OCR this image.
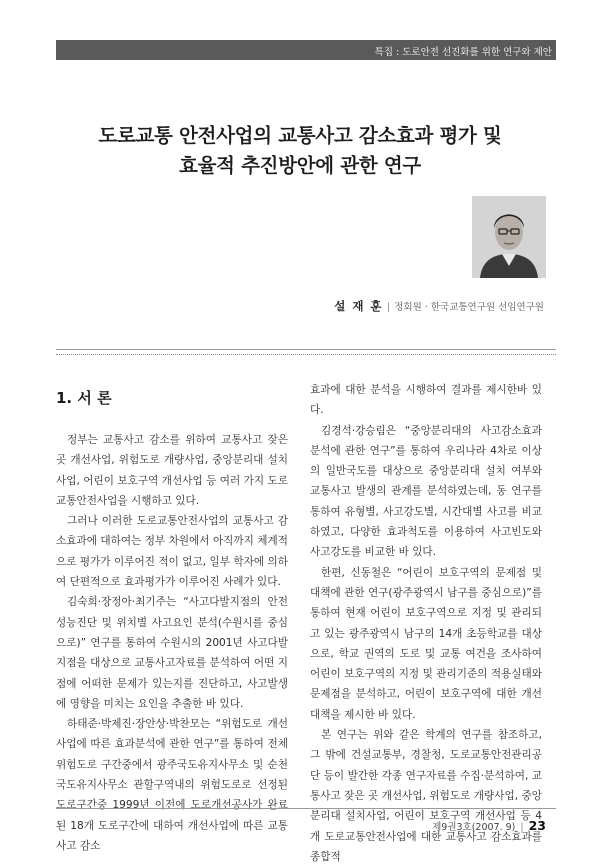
특집 : 도로안전 선진화를 위한 연구와 제안
도로교통 안전사업의 교통사고 감소효과 평가 및
효율적 추진방안에 관한 연구
설 재 훈 | 정회원 · 한국교통연구원 선임연구원
1. 서 론

정부는 교통사고 감소를 위하여 교통사고 잦은 곳 개선사업, 위험도로 개량사업, 중앙분리대 설치사업, 어린이 보호구역 개선사업 등 여러 가지 도로교통안전사업을 시행하고 있다.

그러나 이러한 도로교통안전사업의 교통사고 감소효과에 대하여는 정부 차원에서 아직까지 체계적으로 평가가 이루어진 적이 없고, 일부 학자에 의하여 단편적으로 효과평가가 이루어진 사례가 있다.

김숙희·장정아·최기주는 “사고다발지점의 안전성능진단 및 위치별 사고요인 분석(수원시를 중심으로)” 연구를 통하여 수원시의 2001년 사고다발지점을 대상으로 교통사고자료를 분석하여 어떤 지점에 어떠한 문제가 있는지를 진단하고, 사고발생에 영향을 미치는 요인을 추출한 바 있다.

하태준·박제진·장안상·박찬모는 “위험도로 개선사업에 따른 효과분석에 관한 연구”를 통하여 전체 위험도로 구간중에서 광주국도유지사무소 및 순천국도유지사무소 관할구역내의 위험도로로 선정된 도로구간중 1999년 이전에 도로개선공사가 완료된 18개 도로구간에 대하여 개선사업에 따른 교통사고 감소

효과에 대한 분석을 시행하여 결과를 제시한바 있다.

김경석·강승림은 “중앙분리대의 사고감소효과 분석에 관한 연구”를 통하여 우리나라 4차로 이상의 일반국도를 대상으로 중앙분리대 설치 여부와 교통사고 발생의 관계를 분석하였는데, 동 연구를 통하여 유형별, 사고강도별, 시간대별 사고를 비교하였고, 다양한 효과척도를 이용하여 사고빈도와 사고강도를 비교한 바 있다.

한편, 신동철은 “어린이 보호구역의 문제점 및 대책에 관한 연구(광주광역시 남구를 중심으로)”를 통하여 현재 어린이 보호구역으로 지정 및 관리되고 있는 광주광역시 남구의 14개 초등학교를 대상으로, 학교 권역의 도로 및 교통 여건을 조사하여 어린이 보호구역의 지정 및 관리기준의 적용실태와 문제점을 분석하고, 어린이 보호구역에 대한 개선대책을 제시한 바 있다.

본 연구는 위와 같은 학계의 연구를 참조하고, 그 밖에 건설교통부, 경찰청, 도로교통안전관리공단 등이 발간한 각종 연구자료를 수집·분석하여, 교통사고 잦은 곳 개선사업, 위험도로 개량사업, 중앙분리대 설치사업, 어린이 보호구역 개선사업 등 4개 도로교통안전사업에 대한 교통사고 감소효과를 종합적

제9권3호(2007. 9) | 23
